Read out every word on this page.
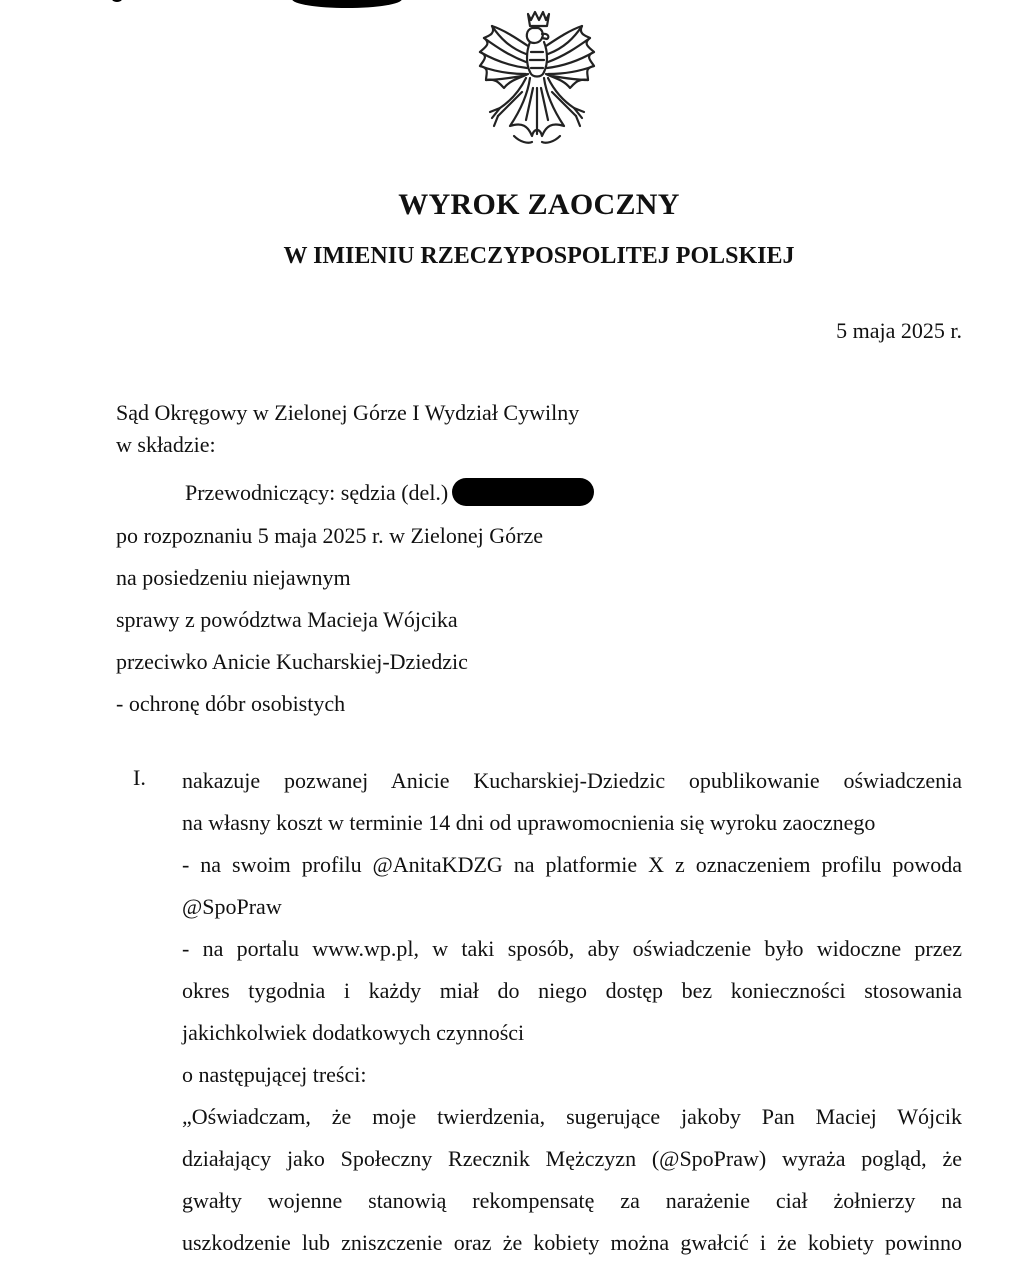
WYROK ZAOCZNY
W IMIENIU RZECZYPOSPOLITEJ POLSKIEJ
5 maja 2025 r.
Sąd Okręgowy w Zielonej Górze I Wydział Cywilny
w składzie:
Przewodniczący: sędzia (del.)
po rozpoznaniu 5 maja 2025 r. w Zielonej Górze
na posiedzeniu niejawnym
sprawy z powództwa Macieja Wójcika
przeciwko Anicie Kucharskiej-Dziedzic
- ochronę dóbr osobistych
I. nakazuje pozwanej Anicie Kucharskiej-Dziedzic opublikowanie oświadczenia

na własny koszt w terminie 14 dni od uprawomocnienia się wyroku zaocznego

- na swoim profilu @AnitaKDZG na platformie X z oznaczeniem profilu powoda

@SpoPraw

- na portalu www.wp.pl, w taki sposób, aby oświadczenie było widoczne przez

okres tygodnia i każdy miał do niego dostęp bez konieczności stosowania

jakichkolwiek dodatkowych czynności

o następującej treści:

„Oświadczam, że moje twierdzenia, sugerujące jakoby Pan Maciej Wójcik

działający jako Społeczny Rzecznik Mężczyzn (@SpoPraw) wyraża pogląd, że

gwałty wojenne stanowią rekompensatę za narażenie ciał żołnierzy na

uszkodzenie lub zniszczenie oraz że kobiety można gwałcić i że kobiety powinno
